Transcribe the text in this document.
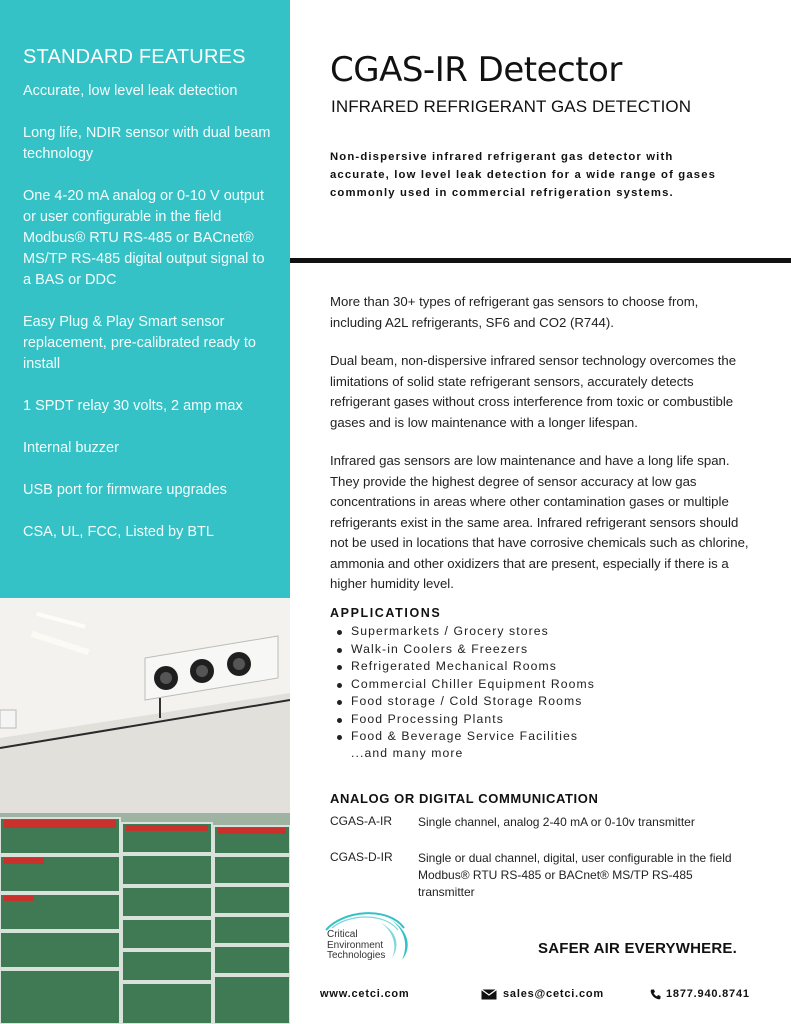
STANDARD FEATURES
Accurate, low level leak detection
Long life, NDIR sensor with dual beam technology
One 4-20 mA analog or 0-10 V output or user configurable in the field Modbus® RTU RS-485 or BACnet® MS/TP RS-485 digital output signal to a BAS or DDC
Easy Plug & Play Smart sensor replacement, pre-calibrated ready to install
1 SPDT relay 30 volts, 2 amp max
Internal buzzer
USB port for firmware upgrades
CSA, UL, FCC, Listed by BTL
CGAS-IR Detector
INFRARED REFRIGERANT GAS DETECTION

Non-dispersive infrared refrigerant gas detector with accurate, low level leak detection for a wide range of gases commonly used in commercial refrigeration systems.

More than 30+ types of refrigerant gas sensors to choose from, including A2L refrigerants, SF6 and CO2 (R744).

Dual beam, non-dispersive infrared sensor technology overcomes the limitations of solid state refrigerant sensors, accurately detects refrigerant gases without cross interference from toxic or combustible gases and is low maintenance with a longer lifespan.

Infrared gas sensors are low maintenance and have a long life span. They provide the highest degree of sensor accuracy at low gas concentrations in areas where other contamination gases or multiple refrigerants exist in the same area. Infrared refrigerant sensors should not be used in locations that have corrosive chemicals such as chlorine, ammonia and other oxidizers that are present, especially if there is a higher humidity level.

APPLICATIONS
Supermarkets / Grocery stores
Walk-in Coolers & Freezers
Refrigerated Mechanical Rooms
Commercial Chiller Equipment Rooms
Food storage / Cold Storage Rooms
Food Processing Plants
Food & Beverage Service Facilities
...and many more
ANALOG OR DIGITAL COMMUNICATION
CGAS-A-IR Single channel, analog 2-40 mA or 0-10v transmitter
CGAS-D-IR Single or dual channel, digital, user configurable in the field Modbus® RTU RS-485 or BACnet® MS/TP RS-485 transmitter
Critical
Environment
Technologies	SAFER AIR EVERYWHERE.
www.cetci.com	sales@cetci.com	1877.940.8741
